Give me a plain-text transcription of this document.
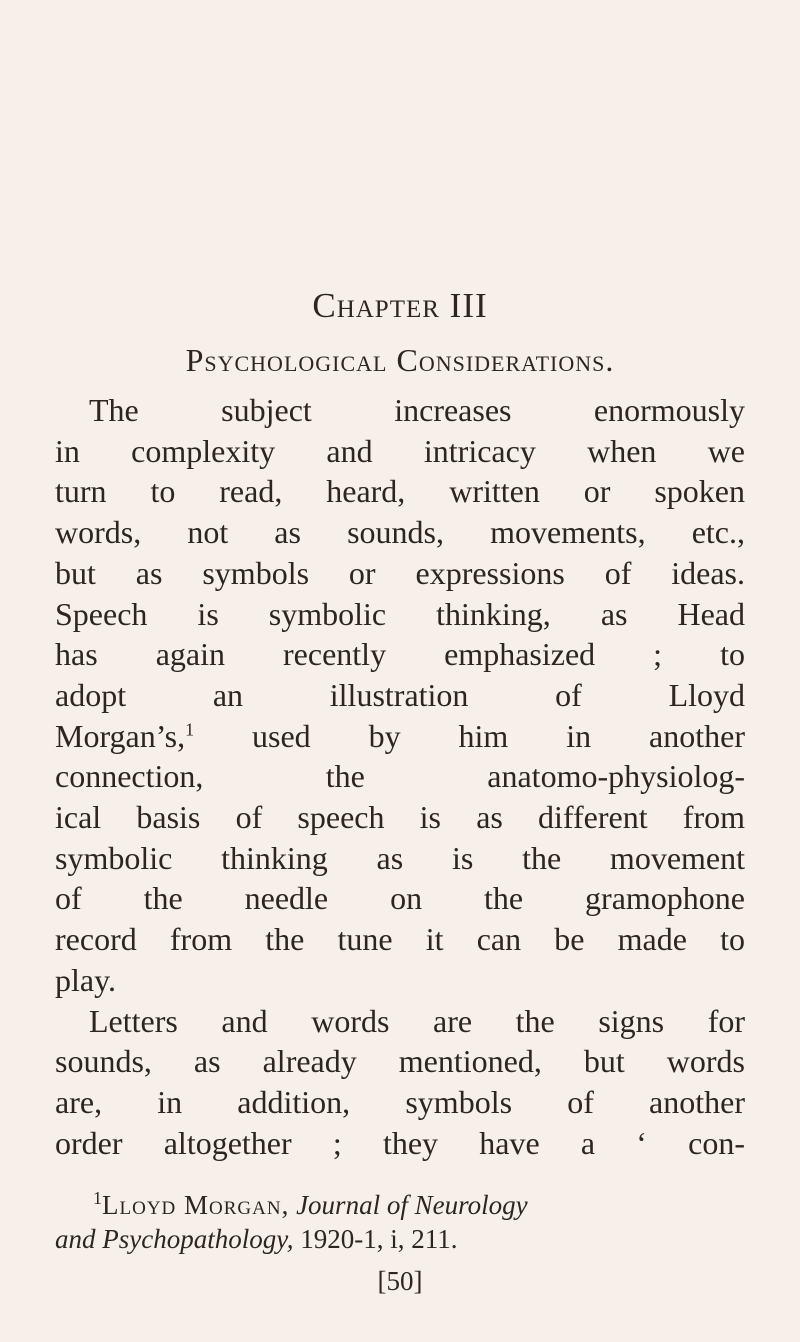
Chapter III
Psychological Considerations.
The subject increases enormously
in complexity and intricacy when we
turn to read, heard, written or spoken
words, not as sounds, movements, etc.,
but as symbols or expressions of ideas.
Speech is symbolic thinking, as Head
has again recently emphasized ; to
adopt an illustration of Lloyd
Morgan’s,$^1$ used by him in another
connection, the anatomo-physiolog-
ical basis of speech is as different from
symbolic thinking as is the movement
of the needle on the gramophone
record from the tune it can be made to
play.
Letters and words are the signs for
sounds, as already mentioned, but words
are, in addition, symbols of another
order altogether ; they have a ‘ con-
$^1$Lloyd Morgan, Journal of Neurology
and Psychopathology, 1920-1, i, 211.
[50]
